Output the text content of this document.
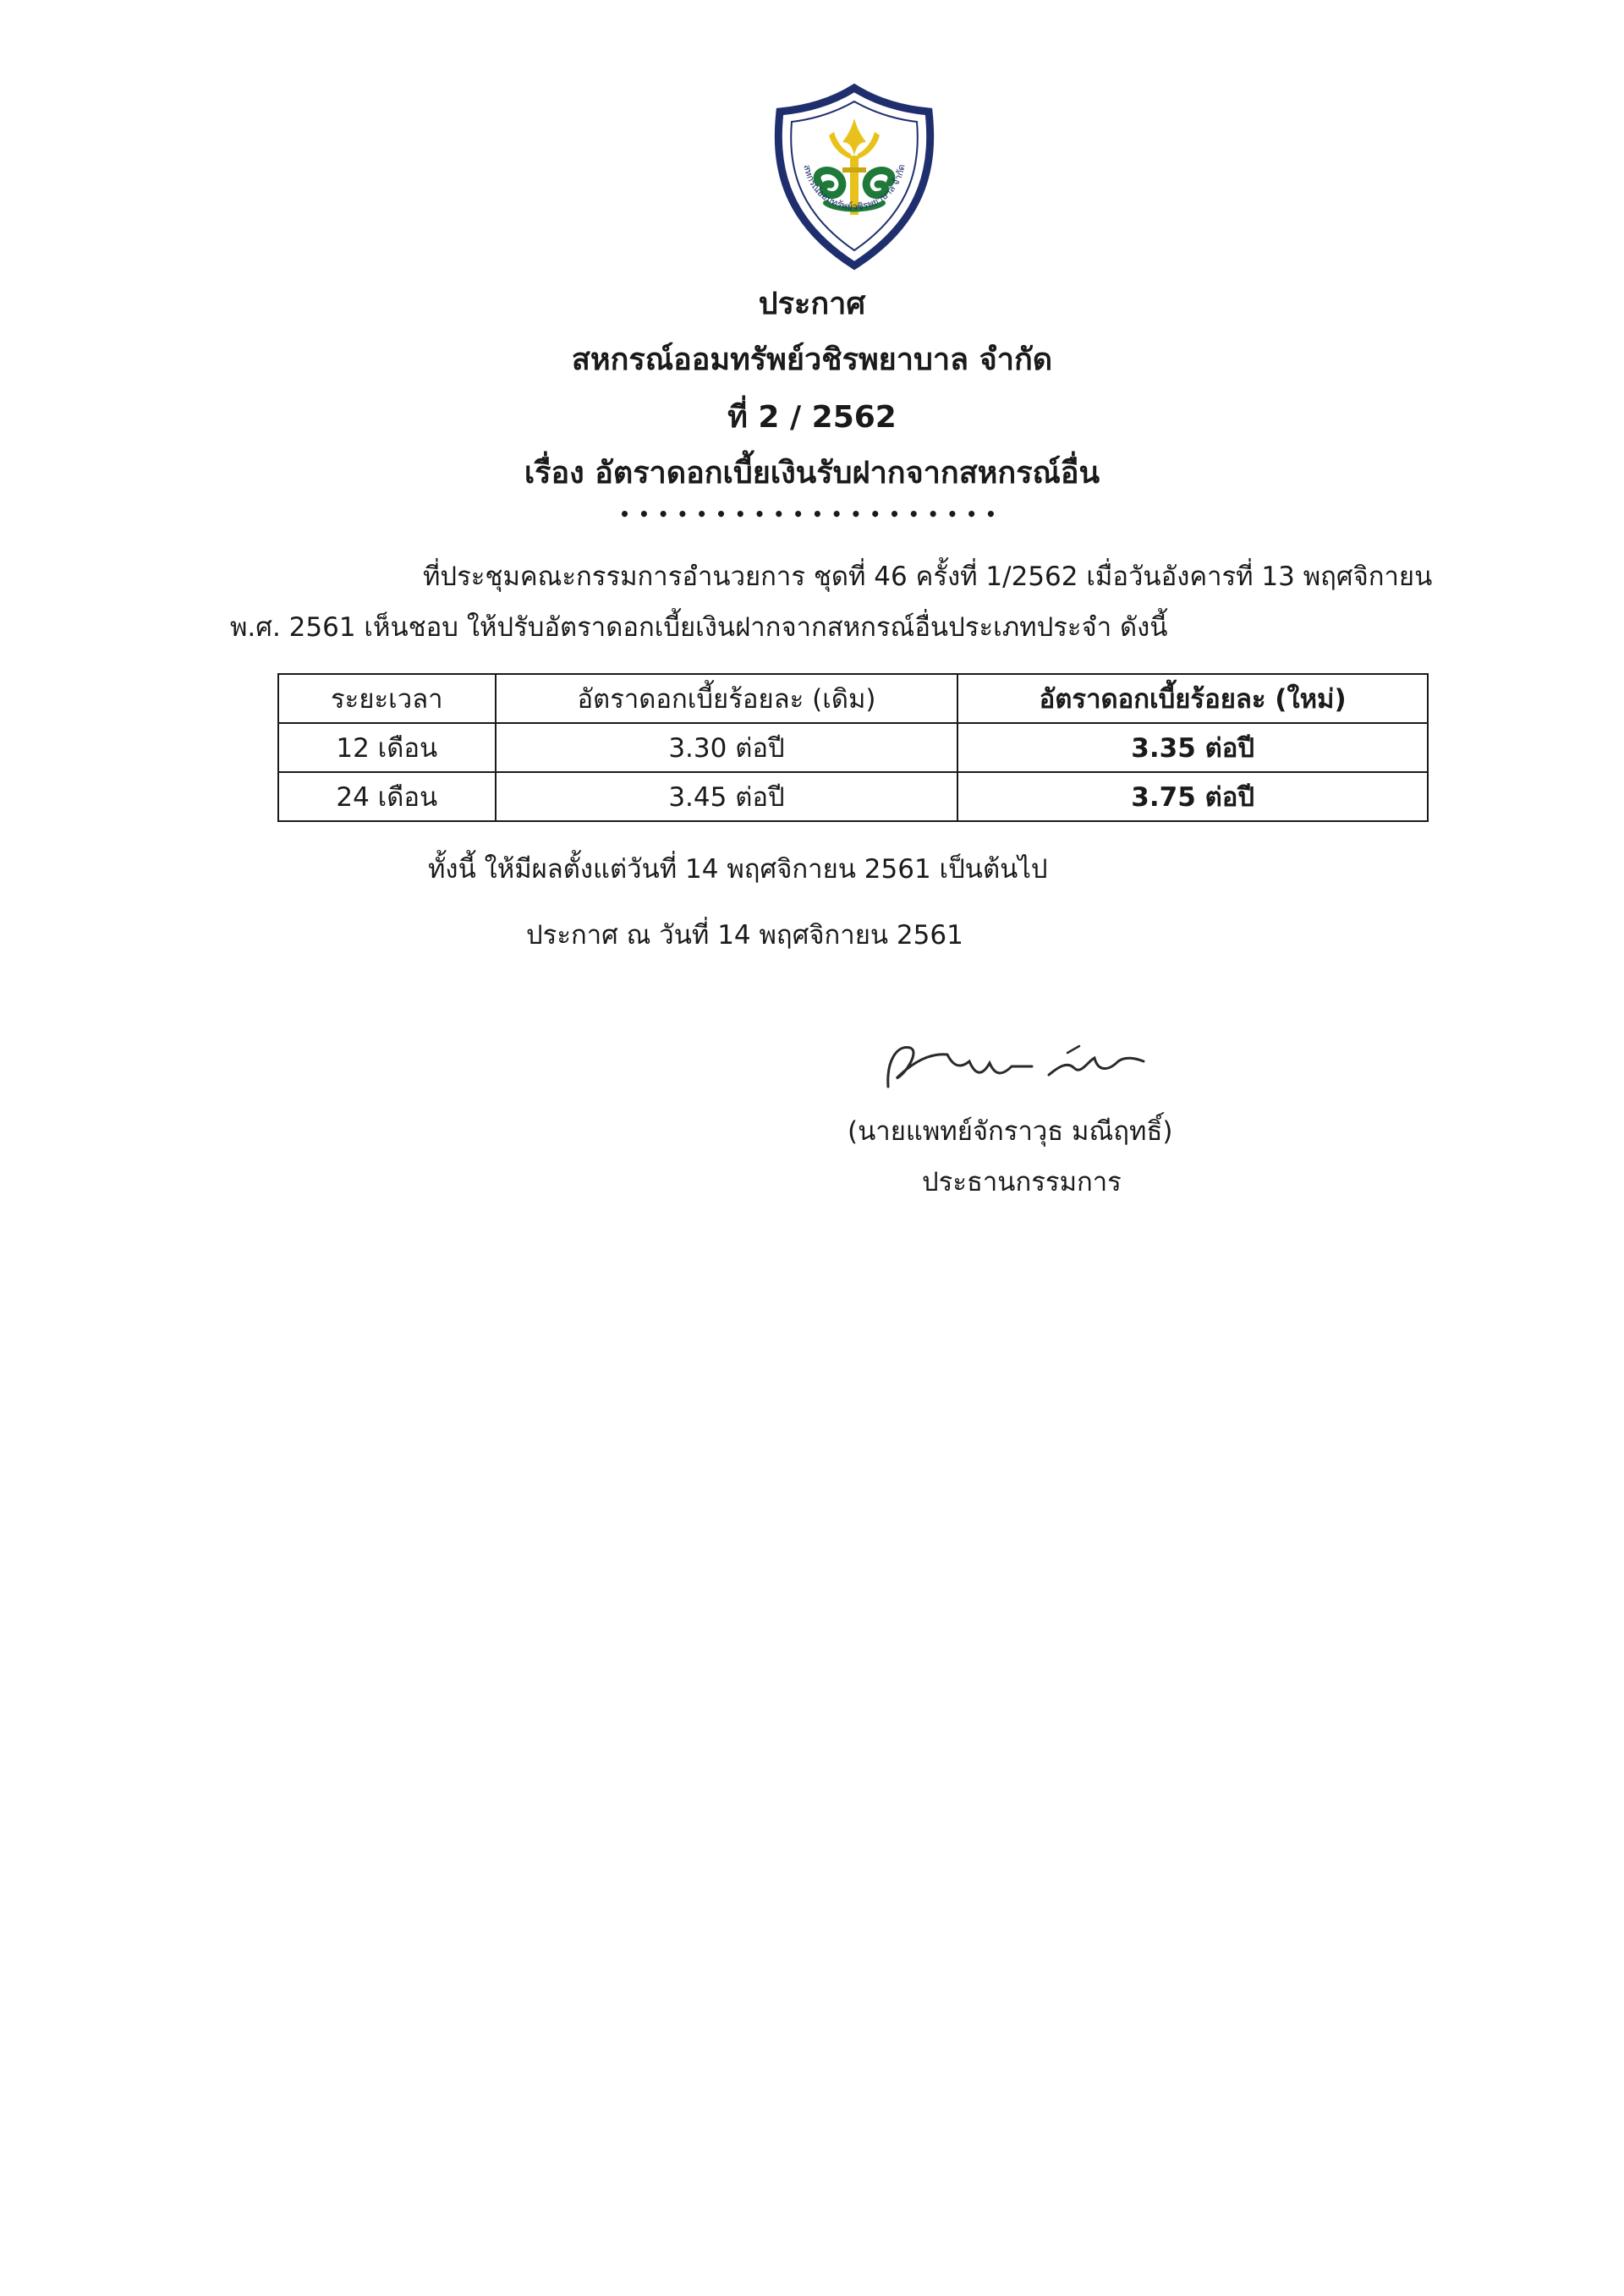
สหกรณ์ออมทรัพย์วชิรพยาบาล จำกัด
ประกาศ
สหกรณ์ออมทรัพย์วชิรพยาบาล จำกัด
ที่ 2 / 2562
เรื่อง อัตราดอกเบี้ยเงินรับฝากจากสหกรณ์อื่น
••••••••••••••••••••
ที่ประชุมคณะกรรมการอำนวยการ ชุดที่ 46 ครั้งที่ 1/2562 เมื่อวันอังคารที่ 13 พฤศจิกายน
พ.ศ. 2561 เห็นชอบ ให้ปรับอัตราดอกเบี้ยเงินฝากจากสหกรณ์อื่นประเภทประจำ ดังนี้
ระยะเวลา	อัตราดอกเบี้ยร้อยละ (เดิม)	อัตราดอกเบี้ยร้อยละ (ใหม่)
12 เดือน	3.30 ต่อปี	3.35 ต่อปี
24 เดือน	3.45 ต่อปี	3.75 ต่อปี
ทั้งนี้ ให้มีผลตั้งแต่วันที่ 14 พฤศจิกายน 2561 เป็นต้นไป
ประกาศ ณ วันที่ 14 พฤศจิกายน 2561
(นายแพทย์จักราวุธ มณีฤทธิ์)
ประธานกรรมการ
